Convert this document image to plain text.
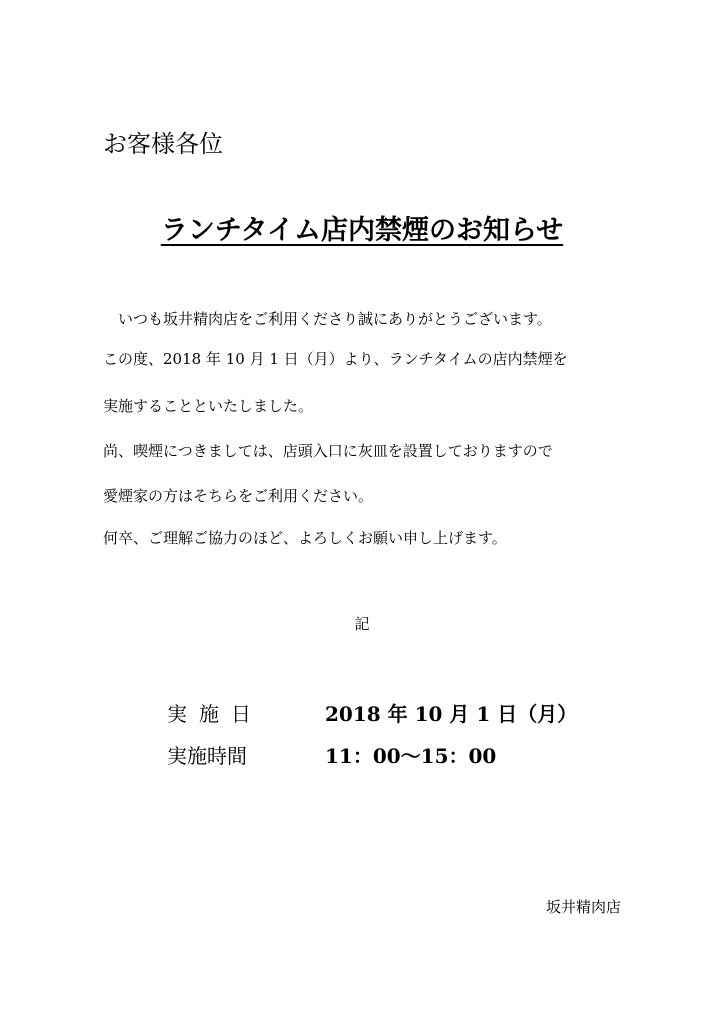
お客様各位
ランチタイム店内禁煙のお知らせ
いつも坂井精肉店をご利用くださり誠にありがとうございます。
この度、2018 年 10 月 1 日（月）より、ランチタイムの店内禁煙を
実施することといたしました。
尚、喫煙につきましては、店頭入口に灰皿を設置しておりますので
愛煙家の方はそちらをご利用ください。
何卒、ご理解ご協力のほど、よろしくお願い申し上げます。
記
実施日	2018 年 10 月 1 日（月）
実施時間	11：00～15：00
坂井精肉店
